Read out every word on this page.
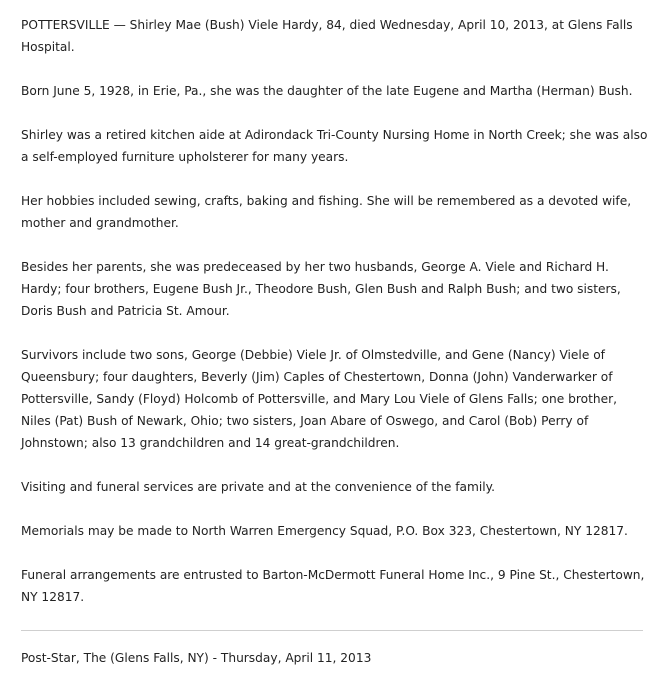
POTTERSVILLE — Shirley Mae (Bush) Viele Hardy, 84, died Wednesday, April 10, 2013, at Glens Falls Hospital.

Born June 5, 1928, in Erie, Pa., she was the daughter of the late Eugene and Martha (Herman) Bush.

Shirley was a retired kitchen aide at Adirondack Tri-County Nursing Home in North Creek; she was also a self-employed furniture upholsterer for many years.

Her hobbies included sewing, crafts, baking and fishing. She will be remembered as a devoted wife, mother and grandmother.

Besides her parents, she was predeceased by her two husbands, George A. Viele and Richard H. Hardy; four brothers, Eugene Bush Jr., Theodore Bush, Glen Bush and Ralph Bush; and two sisters, Doris Bush and Patricia St. Amour.

Survivors include two sons, George (Debbie) Viele Jr. of Olmstedville, and Gene (Nancy) Viele of Queensbury; four daughters, Beverly (Jim) Caples of Chestertown, Donna (John) Vanderwarker of Pottersville, Sandy (Floyd) Holcomb of Pottersville, and Mary Lou Viele of Glens Falls; one brother, Niles (Pat) Bush of Newark, Ohio; two sisters, Joan Abare of Oswego, and Carol (Bob) Perry of Johnstown; also 13 grandchildren and 14 great-grandchildren.

Visiting and funeral services are private and at the convenience of the family.

Memorials may be made to North Warren Emergency Squad, P.O. Box 323, Chestertown, NY 12817.

Funeral arrangements are entrusted to Barton-McDermott Funeral Home Inc., 9 Pine St., Chestertown, NY 12817.

Post-Star, The (Glens Falls, NY) - Thursday, April 11, 2013
